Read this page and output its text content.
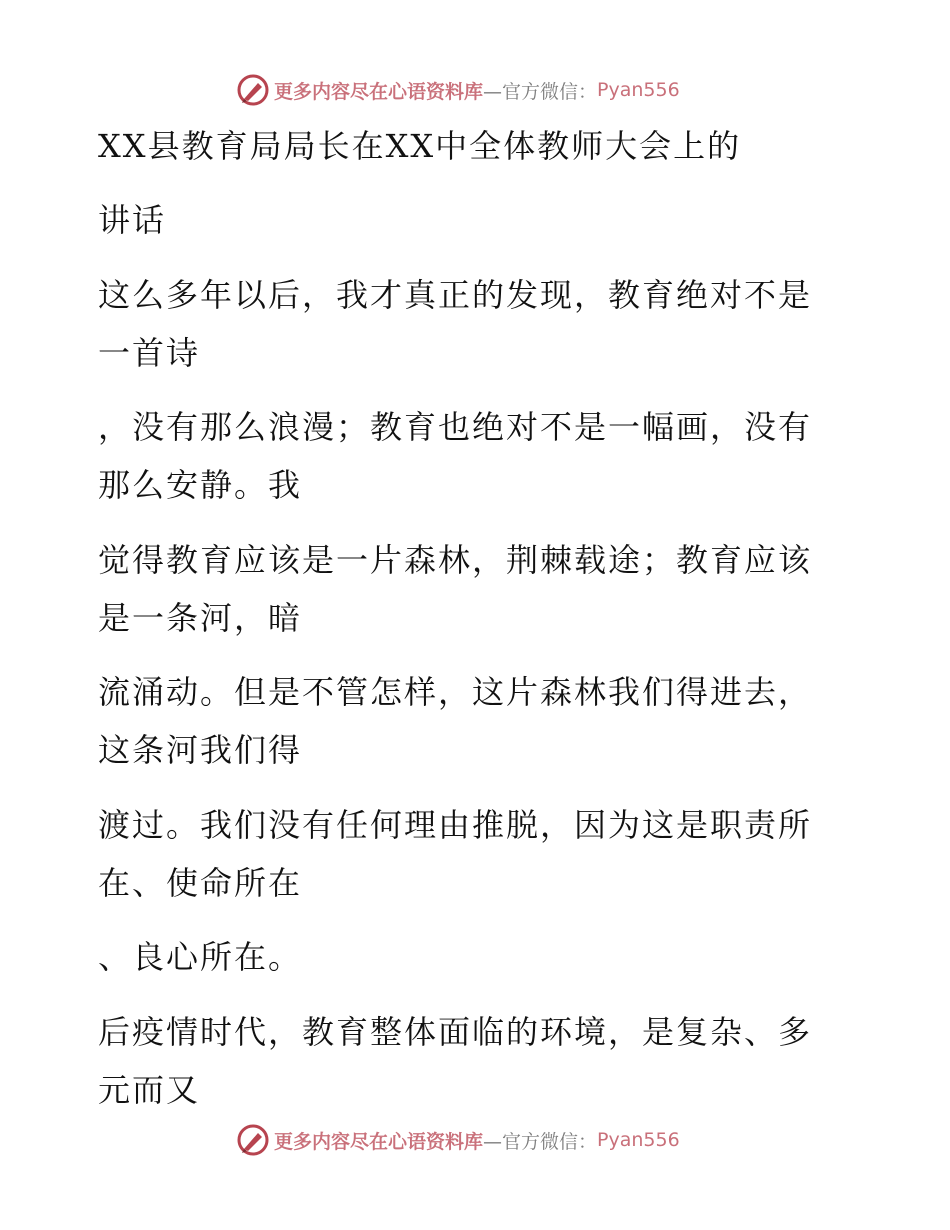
更多内容尽在心语资料库 —官方微信： Pyan556
XX县教育局局长在XX中全体教师大会上的
讲话
这么多年以后，我才真正的发现，教育绝对不是
一首诗
，没有那么浪漫；教育也绝对不是一幅画，没有
那么安静。我
觉得教育应该是一片森林，荆棘载途；教育应该
是一条河，暗
流涌动。但是不管怎样，这片森林我们得进去，
这条河我们得
渡过。我们没有任何理由推脱，因为这是职责所
在、使命所在
、良心所在。
后疫情时代，教育整体面临的环境，是复杂、多
元而又
更多内容尽在心语资料库 —官方微信： Pyan556
